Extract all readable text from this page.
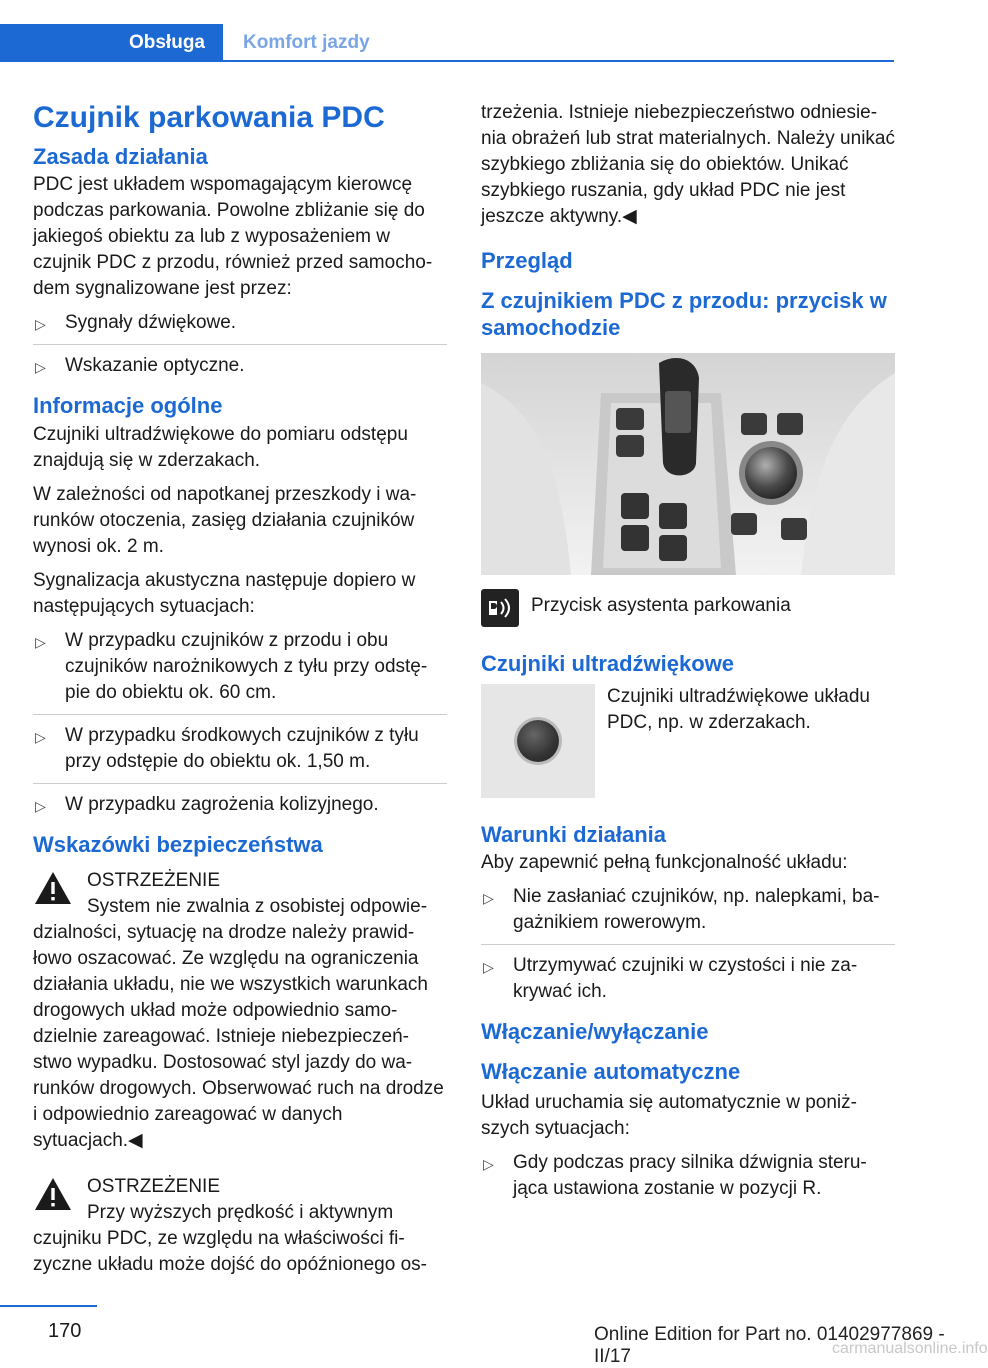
Obsługa	Komfort jazdy
Czujnik parkowania PDC
Zasada działania

PDC jest układem wspomagającym kierowcę podczas parkowania. Powolne zbliżanie się do jakiegoś obiektu za lub z wyposażeniem w czujnik PDC z przodu, również przed samocho‐dem sygnalizowane jest przez:

▷ Sygnały dźwiękowe.
▷ Wskazanie optyczne.
Informacje ogólne

Czujniki ultradźwiękowe do pomiaru odstępu znajdują się w zderzakach.

W zależności od napotkanej przeszkody i wa‐runków otoczenia, zasięg działania czujników wynosi ok. 2 m.

Sygnalizacja akustyczna następuje dopiero w następujących sytuacjach:

▷ W przypadku czujników z przodu i obu czujników narożnikowych z tyłu przy odstę‐pie do obiektu ok. 60 cm.
▷ W przypadku środkowych czujników z tyłu przy odstępie do obiektu ok. 1,50 m.
▷ W przypadku zagrożenia kolizyjnego.
Wskazówki bezpieczeństwa
OSTRZEŻENIE

System nie zwalnia z osobistej odpowie‐dzialności, sytuację na drodze należy prawid‐łowo oszacować. Ze względu na ograniczenia działania układu, nie we wszystkich warunkach drogowych układ może odpowiednio samo‐dzielnie zareagować. Istnieje niebezpieczeń‐stwo wypadku. Dostosować styl jazdy do wa‐runków drogowych. Obserwować ruch na drodze i odpowiednio zareagować w danych sytuacjach.◀

OSTRZEŻENIE

Przy wyższych prędkość i aktywnym czujniku PDC, ze względu na właściwości fi‐zyczne układu może dojść do opóźnionego os‐

trzeżenia. Istnieje niebezpieczeństwo odniesie‐nia obrażeń lub strat materialnych. Należy unikać szybkiego zbliżania się do obiektów. Unikać szybkiego ruszania, gdy układ PDC nie jest jeszcze aktywny.◀

Przegląd
Z czujnikiem PDC z przodu: przycisk w samochodzie
Przycisk asystenta parkowania
Czujniki ultradźwiękowe
Czujniki ultradźwiękowe układu PDC, np. w zderzakach.
Warunki działania

Aby zapewnić pełną funkcjonalność układu:

▷ Nie zasłaniać czujników, np. nalepkami, ba‐gażnikiem rowerowym.
▷ Utrzymywać czujniki w czystości i nie za‐krywać ich.
Włączanie/wyłączanie
Włączanie automatyczne

Układ uruchamia się automatycznie w poniż‐szych sytuacjach:

▷ Gdy podczas pracy silnika dźwignia steru‐jąca ustawiona zostanie w pozycji R.
170	Online Edition for Part no. 01402977869 - II/17	carmanualsonline.info
